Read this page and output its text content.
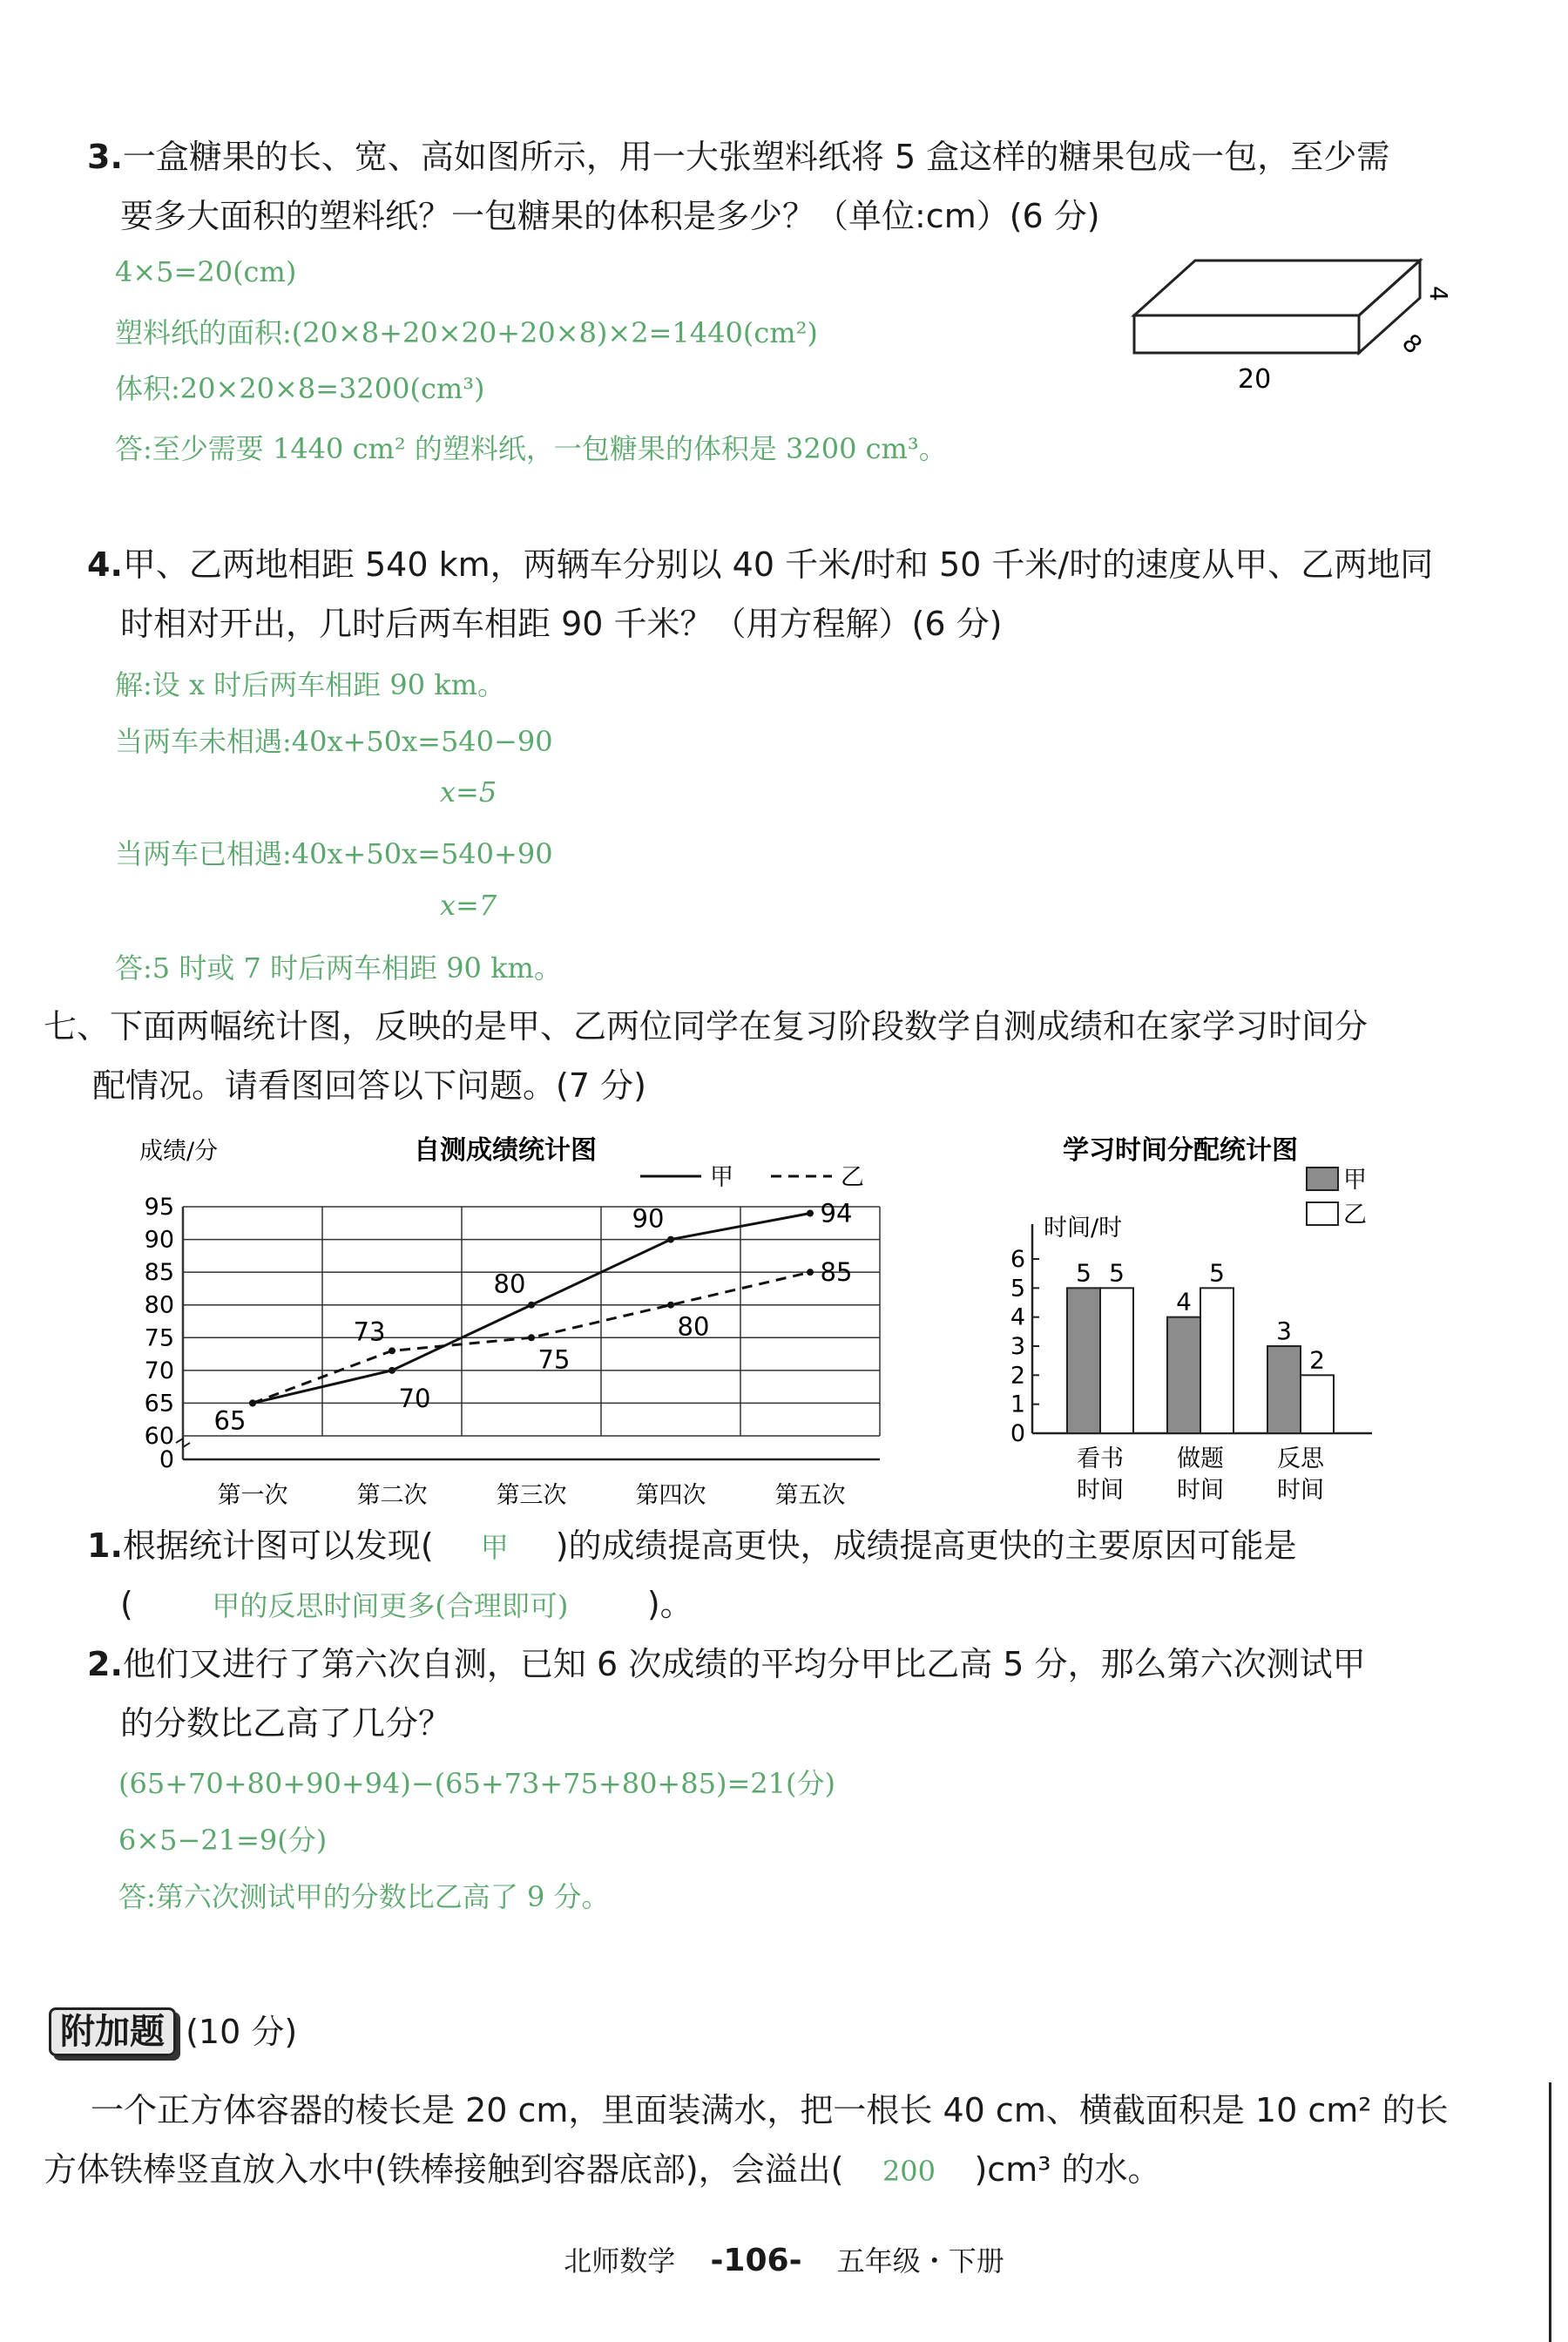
3.一盒糖果的长、宽、高如图所示，用一大张塑料纸将 5 盒这样的糖果包成一包，至少需
要多大面积的塑料纸？一包糖果的体积是多少？（单位:cm）(6 分)
4×5=20(cm)
塑料纸的面积:(20×8+20×20+20×8)×2=1440(cm²)
体积:20×20×8=3200(cm³)
答:至少需要 1440 cm² 的塑料纸，一包糖果的体积是 3200 cm³。
20
4
8
4.甲、乙两地相距 540 km，两辆车分别以 40 千米/时和 50 千米/时的速度从甲、乙两地同
时相对开出，几时后两车相距 90 千米？（用方程解）(6 分)
解:设 x 时后两车相距 90 km。
当两车未相遇:40x+50x=540−90
x=5
当两车已相遇:40x+50x=540+90
x=7
答:5 时或 7 时后两车相距 90 km。
七、下面两幅统计图，反映的是甲、乙两位同学在复习阶段数学自测成绩和在家学习时间分
配情况。请看图回答以下问题。(7 分)
自测成绩统计图
成绩/分
甲	乙
0
60
65
70
75
80
85
90
95
第一次	第二次	第三次	第四次	第五次
65
70
80
90	94
73
75
80
85
学习时间分配统计图
时间/时
甲
乙
0
1
2
3
4
5
6 5 5
4
5
3
2
看书
时间
做题
时间
反思
时间
1.根据统计图可以发现( 甲 )的成绩提高更快，成绩提高更快的主要原因可能是
(	甲的反思时间更多(合理即可) )。
2.他们又进行了第六次自测，已知 6 次成绩的平均分甲比乙高 5 分，那么第六次测试甲
的分数比乙高了几分？
(65+70+80+90+94)−(65+73+75+80+85)=21(分)
6×5−21=9(分)
答:第六次测试甲的分数比乙高了 9 分。
附加题 (10 分)
一个正方体容器的棱长是 20 cm，里面装满水，把一根长 40 cm、横截面积是 10 cm² 的长
方体铁棒竖直放入水中(铁棒接触到容器底部)，会溢出( 200 )cm³ 的水。
北师数学 -106- 五年级・下册
